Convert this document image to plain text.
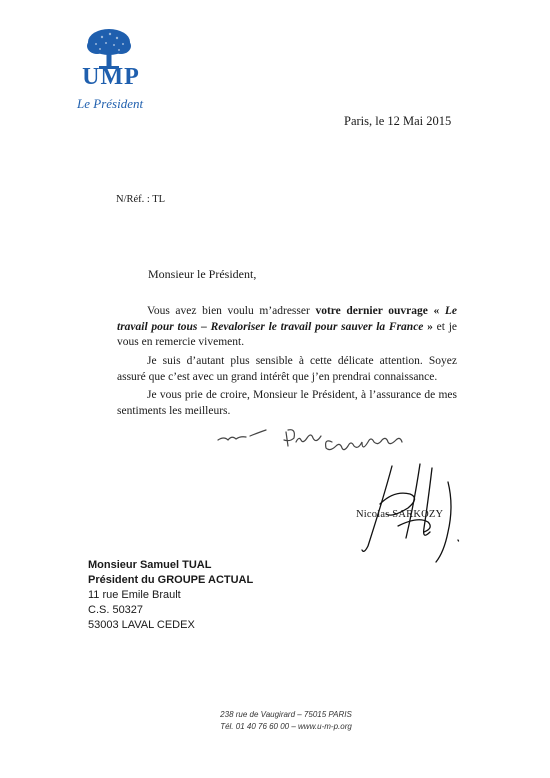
UMP
Le Président
Paris, le 12 Mai 2015
N/Réf. : TL
Monsieur le Président,
Vous avez bien voulu m’adresser votre dernier ouvrage « Le travail pour tous – Revaloriser le travail pour sauver la France » et je vous en remercie vivement.
Je suis d’autant plus sensible à cette délicate attention. Soyez assuré que c’est avec un grand intérêt que j’en prendrai connaissance.
Je vous prie de croire, Monsieur le Président, à l’assurance de mes sentiments les meilleurs.
Nicolas SARKOZY
Monsieur Samuel TUAL
Président du GROUPE ACTUAL
11 rue Emile Brault
C.S. 50327
53003 LAVAL CEDEX
238 rue de Vaugirard – 75015 PARIS
Tél. 01 40 76 60 00 – www.u-m-p.org
